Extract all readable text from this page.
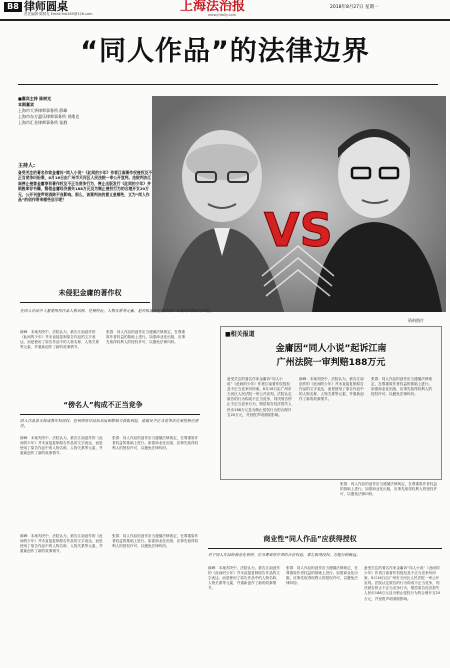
B8 律师圆桌
责任编辑 陈树光 Email:fxb189@126.com	上海法治报
www.jfdaily.com
2018年8月27日 星期一
“同人作品”的法律边界
■嘉宾主持 陈树光
本期嘉宾
上海市大华律师事务所 薛峰
上海市东方惠乐律师事务所 刘维克
上海市汇业律师事务所 张群
主持人:
备受关注的著名作家金庸诉“同人小说”《此间的少年》作者江南著作权侵权及不正当竞争纠纷案，8月16日由广州市天河区人民法院一审公开宣判。法院判决江南停止侵害金庸享有著作权及不正当竞争行为，停止出版发行《此间的少年》并销毁库存书籍，赔偿金庸经济损失188万元及为制止侵权行为的合理开支20万元，公开刊登声明消除不良影响。那么，该案判决的意义是哪些，又为“同人作品”的创作带来哪些启示呢？
VS
资料图片
未侵犯金庸的著作权
在同人作品中大量使用原作品人物名称、性格特征、人物关系等元素，是否构成侵犯著作权？本案判决给出了回应。
薛峰：本案判决中，法院认为，被告江南创作的《此间的少年》并未直接复制原告作品的文字表达，而是使用了原告作品中的人物名称、人物关系等元素，并重新创作了新的故事情节。
张群：同人作品的创作应当遵循法律规定，在尊重原作者权益的基础上进行。如需商业化出版，应事先取得权利人的授权许可，以避免法律纠纷。
“傍名人”构成不正当竞争
同人作品虽未构成著作权侵权，但利用原作品知名度和影响力获取利益，依据反不正当竞争法应承担相应责任。
薛峰：本案判决中，法院认为，被告江南创作的《此间的少年》并未直接复制原告作品的文字表达，而是使用了原告作品中的人物名称、人物关系等元素，并重新创作了新的故事情节。
张群：同人作品的创作应当遵循法律规定，在尊重原作者权益的基础上进行。如需商业化出版，应事先取得权利人的授权许可，以避免法律纠纷。
■相关报道
金庸因“同人小说”起诉江南
广州法院一审判赔188万元
备受关注的著名作家金庸诉“同人小说”《此间的少年》作者江南著作权侵权及不正当竞争纠纷案，8月16日由广州市天河区人民法院一审公开宣判。法院认定被告的行为构成不正当竞争，判决被告停止不正当竞争行为，赔偿原告经济损失人民币188万元及为制止侵权行为的合理开支20万元，并登报声明消除影响。
薛峰：本案判决中，法院认为，被告江南创作的《此间的少年》并未直接复制原告作品的文字表达，而是使用了原告作品中的人物名称、人物关系等元素，并重新创作了新的故事情节。
张群：同人作品的创作应当遵循法律规定，在尊重原作者权益的基础上进行。如需商业化出版，应事先取得权利人的授权许可，以避免法律纠纷。
张群：同人作品的创作应当遵循法律规定，在尊重原作者权益的基础上进行。如需商业化出版，应事先取得权利人的授权许可，以避免法律纠纷。
商业性“同人作品”应获得授权
对于同人作品的商业化利用，应当尊重原作者的合法权益，事先取得授权，方能行稳致远。
薛峰：本案判决中，法院认为，被告江南创作的《此间的少年》并未直接复制原告作品的文字表达，而是使用了原告作品中的人物名称、人物关系等元素，并重新创作了新的故事情节。
张群：同人作品的创作应当遵循法律规定，在尊重原作者权益的基础上进行。如需商业化出版，应事先取得权利人的授权许可，以避免法律纠纷。
薛峰：本案判决中，法院认为，被告江南创作的《此间的少年》并未直接复制原告作品的文字表达，而是使用了原告作品中的人物名称、人物关系等元素，并重新创作了新的故事情节。
张群：同人作品的创作应当遵循法律规定，在尊重原作者权益的基础上进行。如需商业化出版，应事先取得权利人的授权许可，以避免法律纠纷。
备受关注的著名作家金庸诉“同人小说”《此间的少年》作者江南著作权侵权及不正当竞争纠纷案，8月16日由广州市天河区人民法院一审公开宣判。法院认定被告的行为构成不正当竞争，判决被告停止不正当竞争行为，赔偿原告经济损失人民币188万元及为制止侵权行为的合理开支20万元，并登报声明消除影响。
